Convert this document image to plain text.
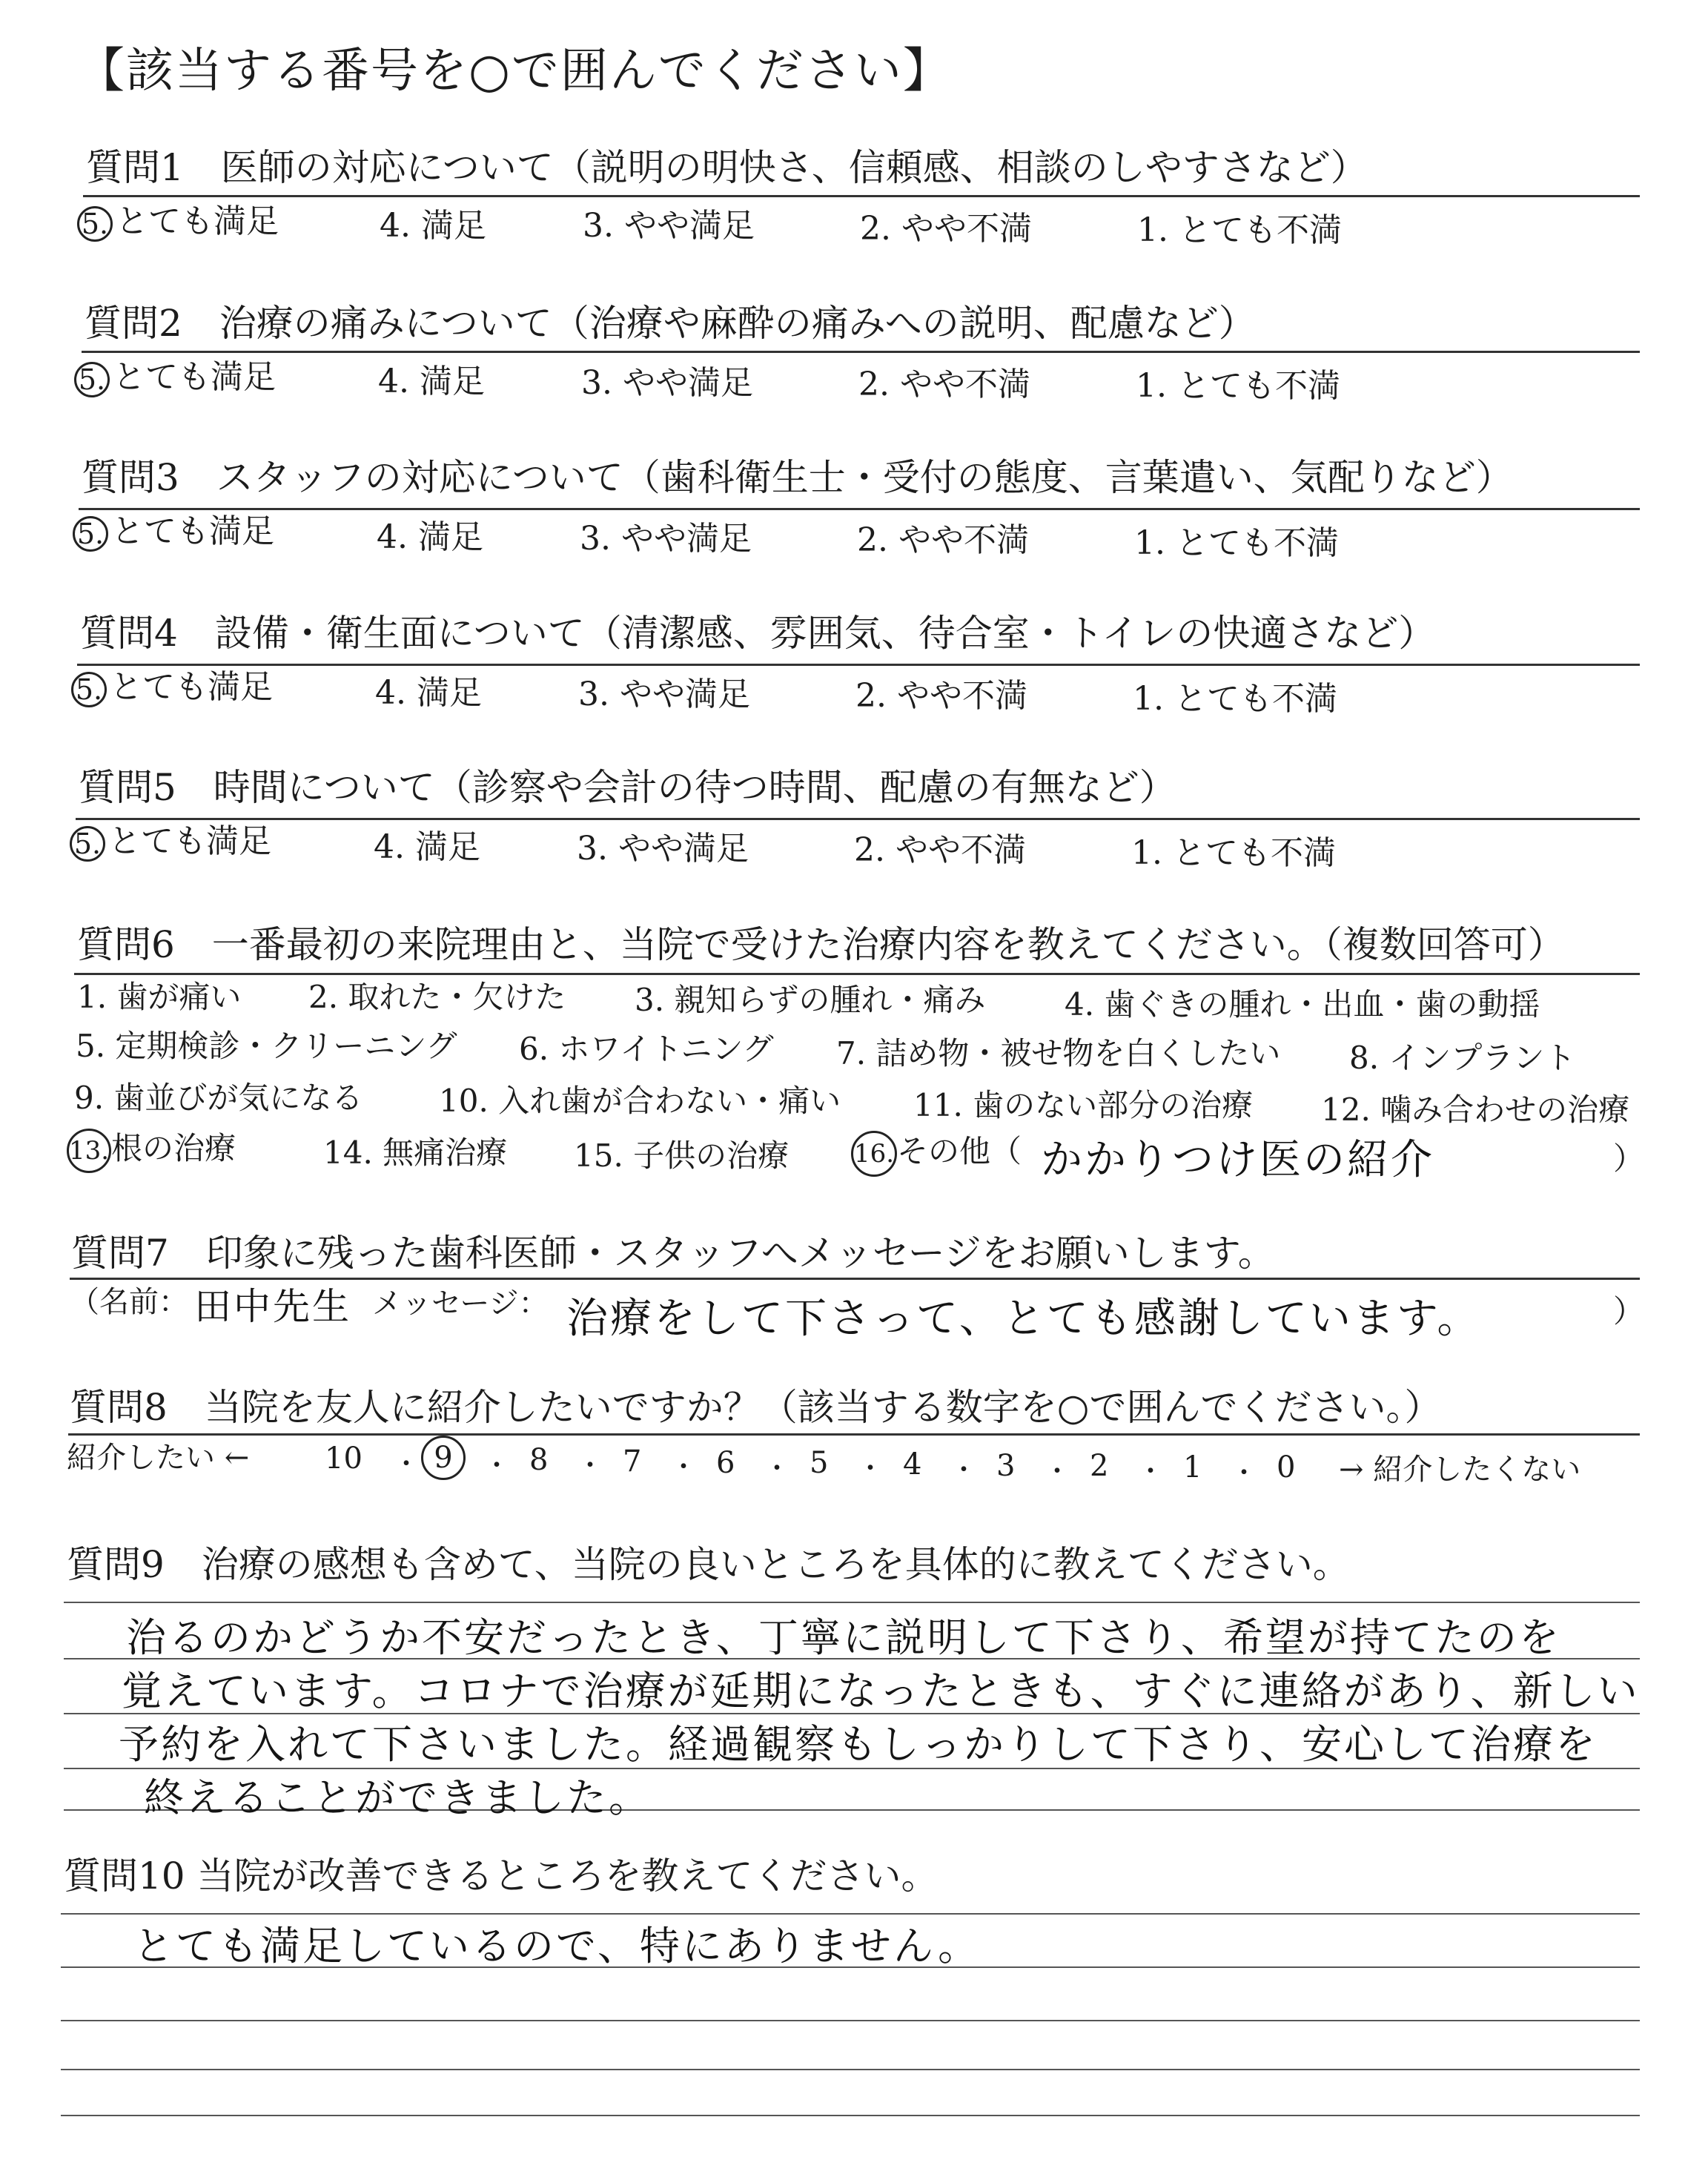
【該当する番号を○で囲んでください】
質問1　医師の対応について（説明の明快さ、信頼感、相談のしやすさなど）
5. とても満足	4. 満足	3. やや満足	2. やや不満	1. とても不満
質問2　治療の痛みについて（治療や麻酔の痛みへの説明、配慮など）
5. とても満足	4. 満足	3. やや満足	2. やや不満	1. とても不満
質問3　スタッフの対応について（歯科衛生士・受付の態度、言葉遣い、気配りなど）
5. とても満足	4. 満足	3. やや満足	2. やや不満	1. とても不満
質問4　設備・衛生面について（清潔感、雰囲気、待合室・トイレの快適さなど）
5. とても満足	4. 満足	3. やや満足	2. やや不満	1. とても不満
質問5　時間について（診察や会計の待つ時間、配慮の有無など）
5. とても満足	4. 満足	3. やや満足	2. やや不満	1. とても不満
質問6　一番最初の来院理由と、当院で受けた治療内容を教えてください。（複数回答可）
1. 歯が痛い 2. 取れた・欠けた 3. 親知らずの腫れ・痛み	4. 歯ぐきの腫れ・出血・歯の動揺
5. 定期検診・クリーニング 6. ホワイトニング 7. 詰め物・被せ物を白くしたい 8. インプラント
9. 歯並びが気になる 10. 入れ歯が合わない・痛い 11. 歯のない部分の治療 12. 噛み合わせの治療
13.根の治療	14. 無痛治療 15. 子供の治療	16.その他（ かかりつけ医の紹介	）
質問7　印象に残った歯科医師・スタッフへメッセージをお願いします。
（名前： 田中先生 メッセージ： 治療をして下さって、とても感謝しています。	）
質問8　当院を友人に紹介したいですか？（該当する数字を○で囲んでください。）
紹介したい ←	10 ・ 9	・ 8 ・ 7 ・ 6 ・ 5 ・ 4 ・ 3 ・ 2 ・ 1 ・ 0 → 紹介したくない
質問9　治療の感想も含めて、当院の良いところを具体的に教えてください。
治るのかどうか不安だったとき、丁寧に説明して下さり、希望が持てたのを
覚えています。コロナで治療が延期になったときも、すぐに連絡があり、新しい
予約を入れて下さいました。経過観察もしっかりして下さり、安心して治療を
終えることができました。
質問10 当院が改善できるところを教えてください。
とても満足しているので、特にありません。
